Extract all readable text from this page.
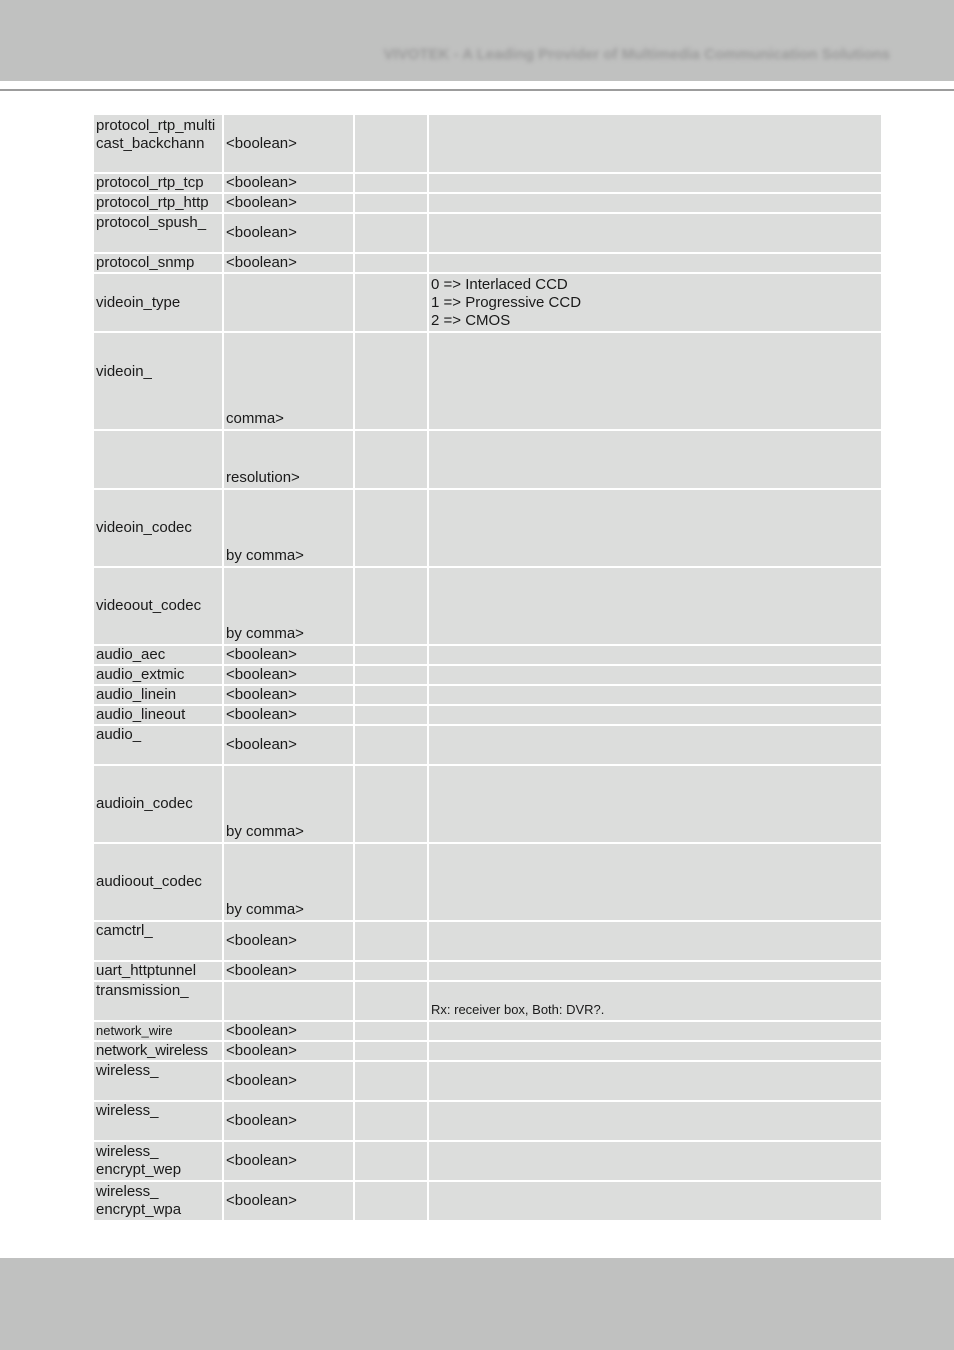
VIVOTEK - A Leading Provider of Multimedia Communication Solutions
protocol_rtp_multicast_backchann	<boolean>		
protocol_rtp_tcp	<boolean>		
protocol_rtp_http	<boolean>		
protocol_spush_	<boolean>		
protocol_snmp	<boolean>		
videoin_type			0 => Interlaced CCD
1 => Progressive CCD
2 => CMOS

videoin_	comma>		
	resolution>		
videoin_codec	by comma>		
videoout_codec	by comma>		
audio_aec	<boolean>		
audio_extmic	<boolean>		
audio_linein	<boolean>		
audio_lineout	<boolean>		
audio_	<boolean>		
audioin_codec	by comma>		
audioout_codec	by comma>		
camctrl_	<boolean>		
uart_httptunnel	<boolean>		
transmission_			Rx: receiver box, Both: DVR?.
network_wire	<boolean>		
network_wireless	<boolean>		
wireless_	<boolean>		
wireless_	<boolean>		

wireless_
encrypt_wep	<boolean>		

wireless_
encrypt_wpa	<boolean>		
